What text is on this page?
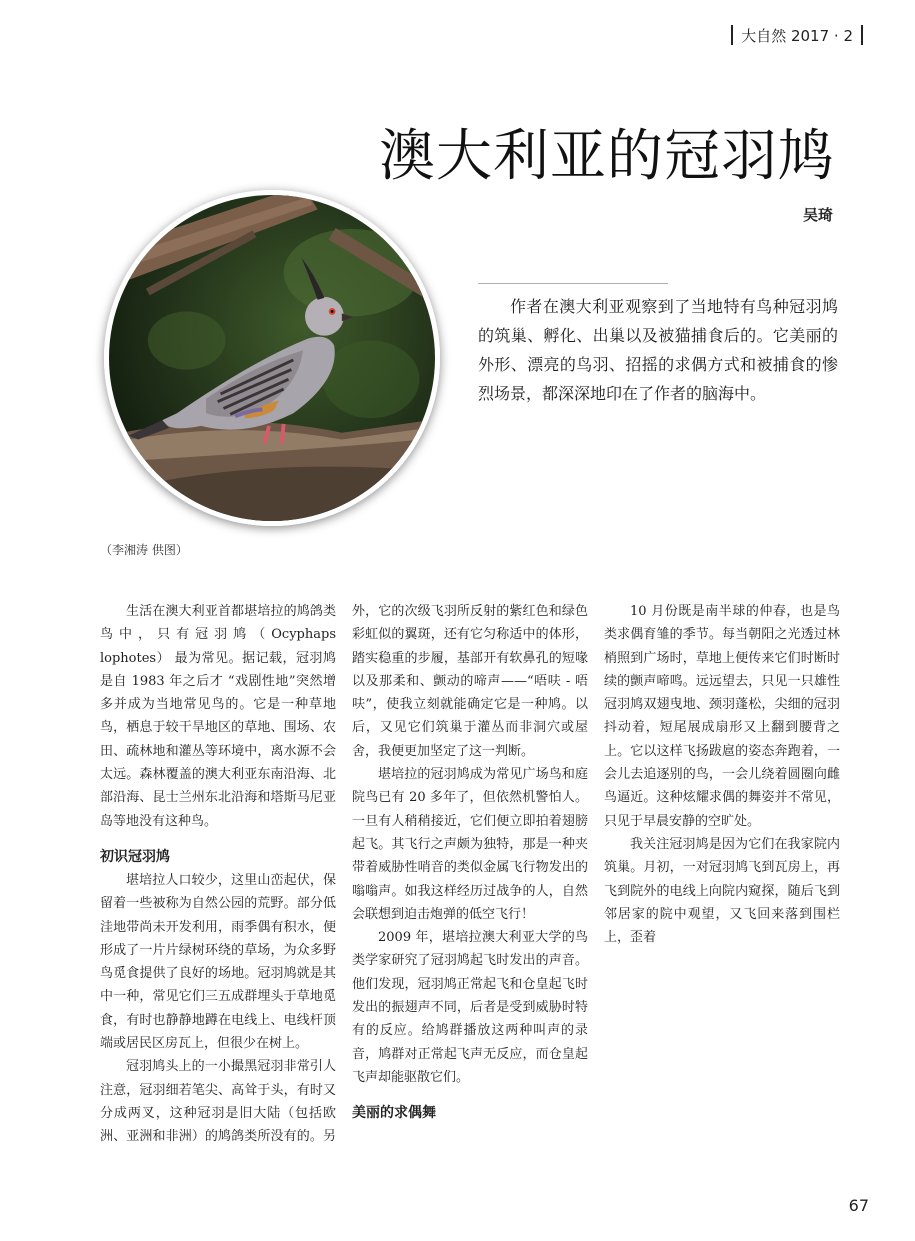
大自然 2017 · 2
澳大利亚的冠羽鸠
吴琦
（李湘涛 供图）

作者在澳大利亚观察到了当地特有鸟种冠羽鸠的筑巢、孵化、出巢以及被猫捕食后的。它美丽的外形、漂亮的鸟羽、招摇的求偶方式和被捕食的惨烈场景，都深深地印在了作者的脑海中。

生活在澳大利亚首都堪培拉的鸠鸽类鸟中，只有冠羽鸠（Ocyphaps lophotes） 最为常见。据记载，冠羽鸠是自 1983 年之后才 “戏剧性地”突然增多并成为当地常见鸟的。它是一种草地鸟，栖息于较干旱地区的草地、围场、农田、疏林地和灌丛等环境中，离水源不会太远。森林覆盖的澳大利亚东南沿海、北部沿海、昆士兰州东北沿海和塔斯马尼亚岛等地没有这种鸟。

初识冠羽鸠

堪培拉人口较少，这里山峦起伏，保留着一些被称为自然公园的荒野。部分低洼地带尚未开发利用，雨季偶有积水，便形成了一片片绿树环绕的草场，为众多野鸟觅食提供了良好的场地。冠羽鸠就是其中一种，常见它们三五成群埋头于草地觅食，有时也静静地蹲在电线上、电线杆顶端或居民区房瓦上，但很少在树上。

冠羽鸠头上的一小撮黑冠羽非常引人注意，冠羽细若笔尖、高耸于头，有时又分成两叉，这种冠羽是旧大陆（包括欧洲、亚洲和非洲）的鸠鸽类所没有的。另外，它的次级飞羽所反射的紫红色和绿色彩虹似的翼斑，还有它匀称适中的体形，踏实稳重的步履，基部开有软鼻孔的短喙以及那柔和、颤动的啼声——“唔呋 - 唔呋”，使我立刻就能确定它是一种鸠。以后，又见它们筑巢于灌丛而非洞穴或屋舍，我便更加坚定了这一判断。

堪培拉的冠羽鸠成为常见广场鸟和庭院鸟已有 20 多年了，但依然机警怕人。一旦有人稍稍接近，它们便立即拍着翅膀起飞。其飞行之声颇为独特，那是一种夹带着威胁性哨音的类似金属飞行物发出的嗡嗡声。如我这样经历过战争的人，自然会联想到迫击炮弹的低空飞行！

2009 年，堪培拉澳大利亚大学的鸟类学家研究了冠羽鸠起飞时发出的声音。他们发现，冠羽鸠正常起飞和仓皇起飞时发出的振翅声不同，后者是受到威胁时特有的反应。给鸠群播放这两种叫声的录音，鸠群对正常起飞声无反应，而仓皇起飞声却能驱散它们。

美丽的求偶舞

10 月份既是南半球的仲春，也是鸟类求偶育雏的季节。每当朝阳之光透过林梢照到广场时，草地上便传来它们时断时续的颤声啼鸣。远远望去，只见一只雄性冠羽鸠双翅曳地、颈羽蓬松，尖细的冠羽抖动着，短尾展成扇形又上翻到腰背之上。它以这样飞扬跋扈的姿态奔跑着，一会儿去追逐别的鸟，一会儿绕着圆圈向雌鸟逼近。这种炫耀求偶的舞姿并不常见，只见于早晨安静的空旷处。

我关注冠羽鸠是因为它们在我家院内筑巢。月初，一对冠羽鸠飞到瓦房上，再飞到院外的电线上向院内窥探，随后飞到邻居家的院中观望，又飞回来落到围栏上，歪着

67
